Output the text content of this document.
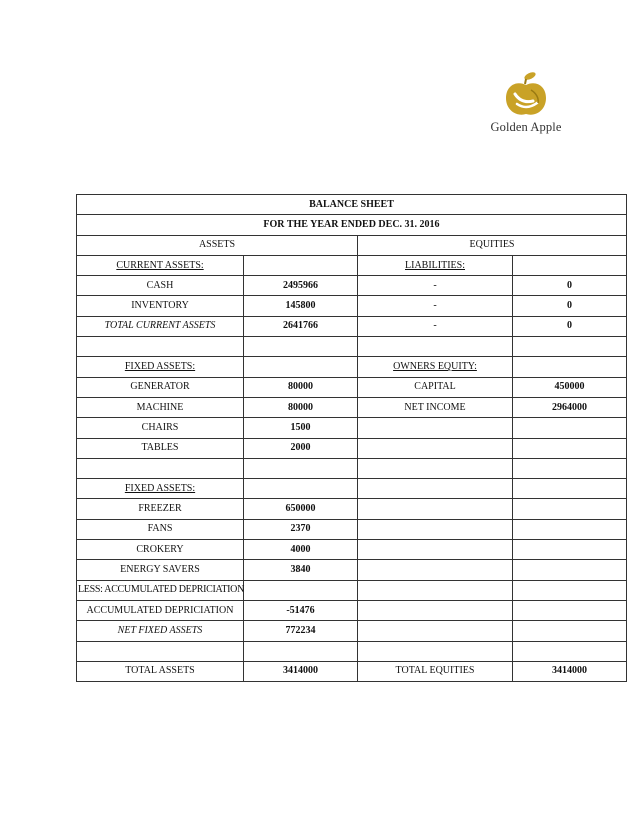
Golden Apple
BALANCE SHEET			
FOR THE YEAR ENDED DEC. 31. 2016			
ASSETS		EQUITIES	
CURRENT ASSETS:		LIABILITIES:	
CASH	2495966	-	0
INVENTORY	145800	-	0
TOTAL CURRENT ASSETS	2641766	-	0

FIXED ASSETS:		OWNERS EQUITY:	
GENERATOR	80000	CAPITAL	450000
MACHINE	80000	NET INCOME	2964000
CHAIRS	1500		
TABLES	2000		

FIXED ASSETS:			
FREEZER	650000		
FANS	2370		
CROKERY	4000		
ENERGY SAVERS	3840		
LESS: ACCUMULATED DEPRICIATION			
ACCUMULATED DEPRICIATION	-51476		
NET FIXED ASSETS	772234		

TOTAL ASSETS	3414000	TOTAL EQUITIES	3414000
